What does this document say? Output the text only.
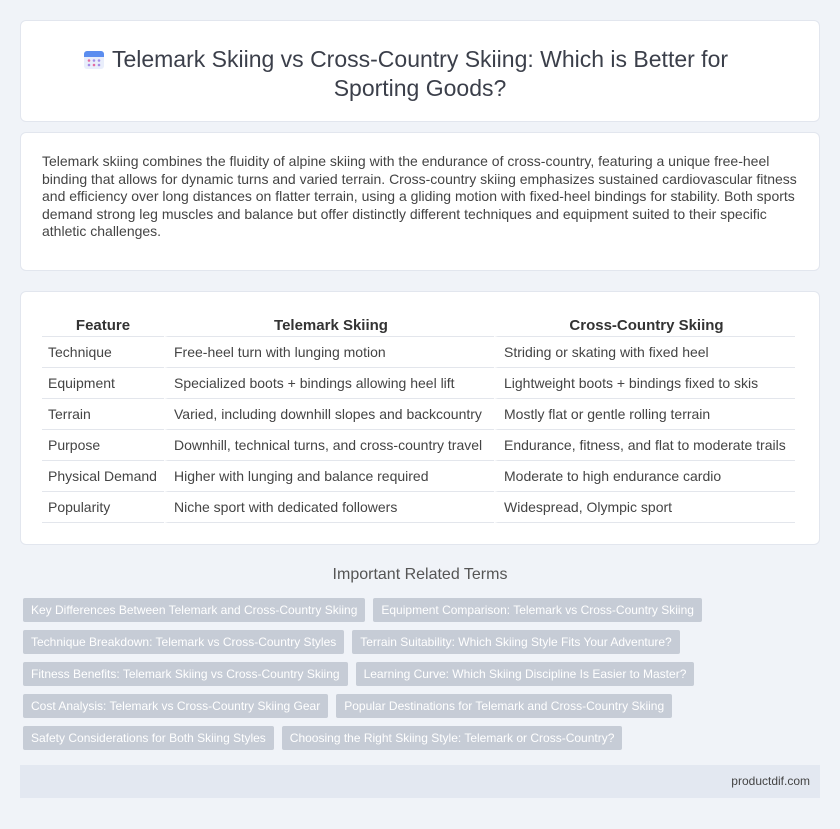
Telemark Skiing vs Cross-Country Skiing: Which is Better for Sporting Goods?

Telemark skiing combines the fluidity of alpine skiing with the endurance of cross-country, featuring a unique free-heel binding that allows for dynamic turns and varied terrain. Cross-country skiing emphasizes sustained cardiovascular fitness and efficiency over long distances on flatter terrain, using a gliding motion with fixed-heel bindings for stability. Both sports demand strong leg muscles and balance but offer distinctly different techniques and equipment suited to their specific athletic challenges.

Feature	Telemark Skiing	Cross-Country Skiing
Technique	Free-heel turn with lunging motion	Striding or skating with fixed heel
Equipment	Specialized boots + bindings allowing heel lift	Lightweight boots + bindings fixed to skis
Terrain	Varied, including downhill slopes and backcountry	Mostly flat or gentle rolling terrain
Purpose	Downhill, technical turns, and cross-country travel	Endurance, fitness, and flat to moderate trails
Physical Demand	Higher with lunging and balance required	Moderate to high endurance cardio
Popularity	Niche sport with dedicated followers	Widespread, Olympic sport
Important Related Terms
Key Differences Between Telemark and Cross-Country Skiing	Equipment Comparison: Telemark vs Cross-Country Skiing
Technique Breakdown: Telemark vs Cross-Country Styles	Terrain Suitability: Which Skiing Style Fits Your Adventure?
Fitness Benefits: Telemark Skiing vs Cross-Country Skiing	Learning Curve: Which Skiing Discipline Is Easier to Master?
Cost Analysis: Telemark vs Cross-Country Skiing Gear	Popular Destinations for Telemark and Cross-Country Skiing
Safety Considerations for Both Skiing Styles	Choosing the Right Skiing Style: Telemark or Cross-Country?
productdif.com
